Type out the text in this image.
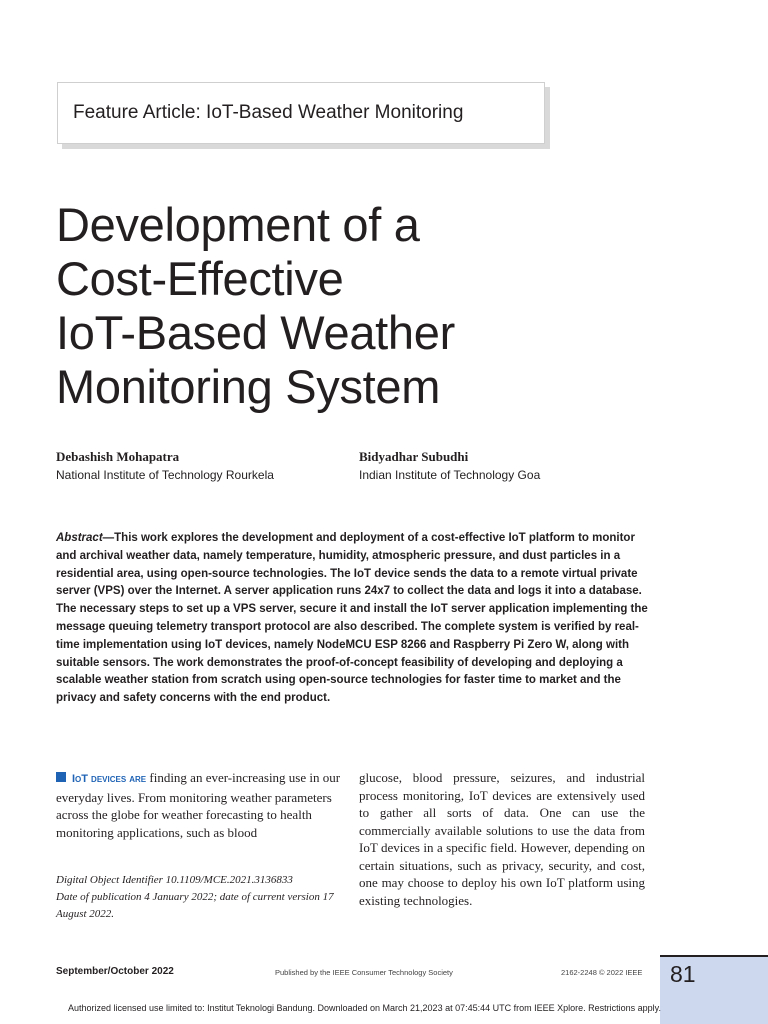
Feature Article: IoT-Based Weather Monitoring
Development of a
Cost-Effective
IoT-Based Weather
Monitoring System
Debashish Mohapatra
National Institute of Technology Rourkela
Bidyadhar Subudhi
Indian Institute of Technology Goa

Abstract—This work explores the development and deployment of a cost-effective IoT platform to monitor and archival weather data, namely temperature, humidity, atmospheric pressure, and dust particles in a residential area, using open-source technologies. The IoT device sends the data to a remote virtual private server (VPS) over the Internet. A server application runs 24x7 to collect the data and logs it into a database. The necessary steps to set up a VPS server, secure it and install the IoT server application implementing the message queuing telemetry transport protocol are also described. The complete system is verified by real-time implementation using IoT devices, namely NodeMCU ESP 8266 and Raspberry Pi Zero W, along with suitable sensors. The work demonstrates the proof-of-concept feasibility of developing and deploying a scalable weather station from scratch using open-source technologies for faster time to market and the privacy and safety concerns with the end product.

IoT devices are finding an ever-increasing use in our everyday lives. From monitoring weather parameters across the globe for weather forecasting to health monitoring applications, such as blood

glucose, blood pressure, seizures, and industrial process monitoring, IoT devices are extensively used to gather all sorts of data. One can use the commercially available solutions to use the data from IoT devices in a specific field. However, depending on certain situations, such as privacy, security, and cost, one may choose to deploy his own IoT platform using existing technologies.

Digital Object Identifier 10.1109/MCE.2021.3136833
Date of publication 4 January 2022; date of current version 17
August 2022.

September/October 2022	Published by the IEEE Consumer Technology Society	2162-2248 © 2022 IEEE 81
Authorized licensed use limited to: Institut Teknologi Bandung. Downloaded on March 21,2023 at 07:45:44 UTC from IEEE Xplore. Restrictions apply.
